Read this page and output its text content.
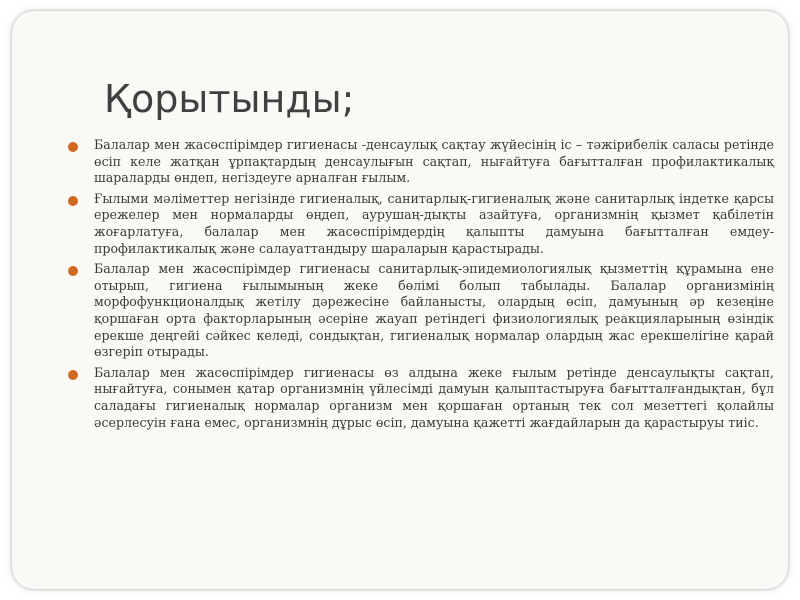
Қорытынды;
Балалар мен жасөспірімдер гигиенасы -денсаулық сақтау жүйесінің іс – тәжірибелік саласы ретінде өсіп келе жатқан ұрпақтардың денсаулығын сақтап, нығайтуға бағытталған профилактикалық шараларды өндеп, негіздеуге арналған ғылым.
Ғылыми мәліметтер негізінде гигиеналық, санитарлық-гигиеналық және санитарлық індетке қарсы ережелер мен нормаларды өңдеп, аурушаң-дықты азайтуға, организмнің қызмет қабілетін жоғарлатуға, балалар мен жасөспірімдердің қалыпты дамуына бағытталған емдеу-профилактикалық және салауаттандыру шараларын қарастырады.
Балалар мен жасөспірімдер гигиенасы санитарлық-эпидемиологиялық қызметтің құрамына ене отырып, гигиена ғылымының жеке бөлімі болып табылады. Балалар организмінің морфофункционалдық жетілу дәрежесіне байланысты, олардың өсіп, дамуының әр кезеңіне қоршаған орта факторларының әсеріне жауап ретіндегі физиологиялық реакцияларының өзіндік ерекше деңгейі сәйкес келеді, сондықтан, гигиеналық нормалар олардың жас ерекшелігіне қарай өзгеріп отырады.
Балалар мен жасөспірімдер гигиенасы өз алдына жеке ғылым ретінде денсаулықты сақтап, нығайтуға, сонымен қатар организмнің үйлесімді дамуын қалыптастыруға бағытталғандықтан, бұл саладағы гигиеналық нормалар организм мен қоршаған ортаның тек сол мезеттегі қолайлы әсерлесуін ғана емес, организмнің дұрыс өсіп, дамуына қажетті жағдайларын да қарастыруы тиіс.
